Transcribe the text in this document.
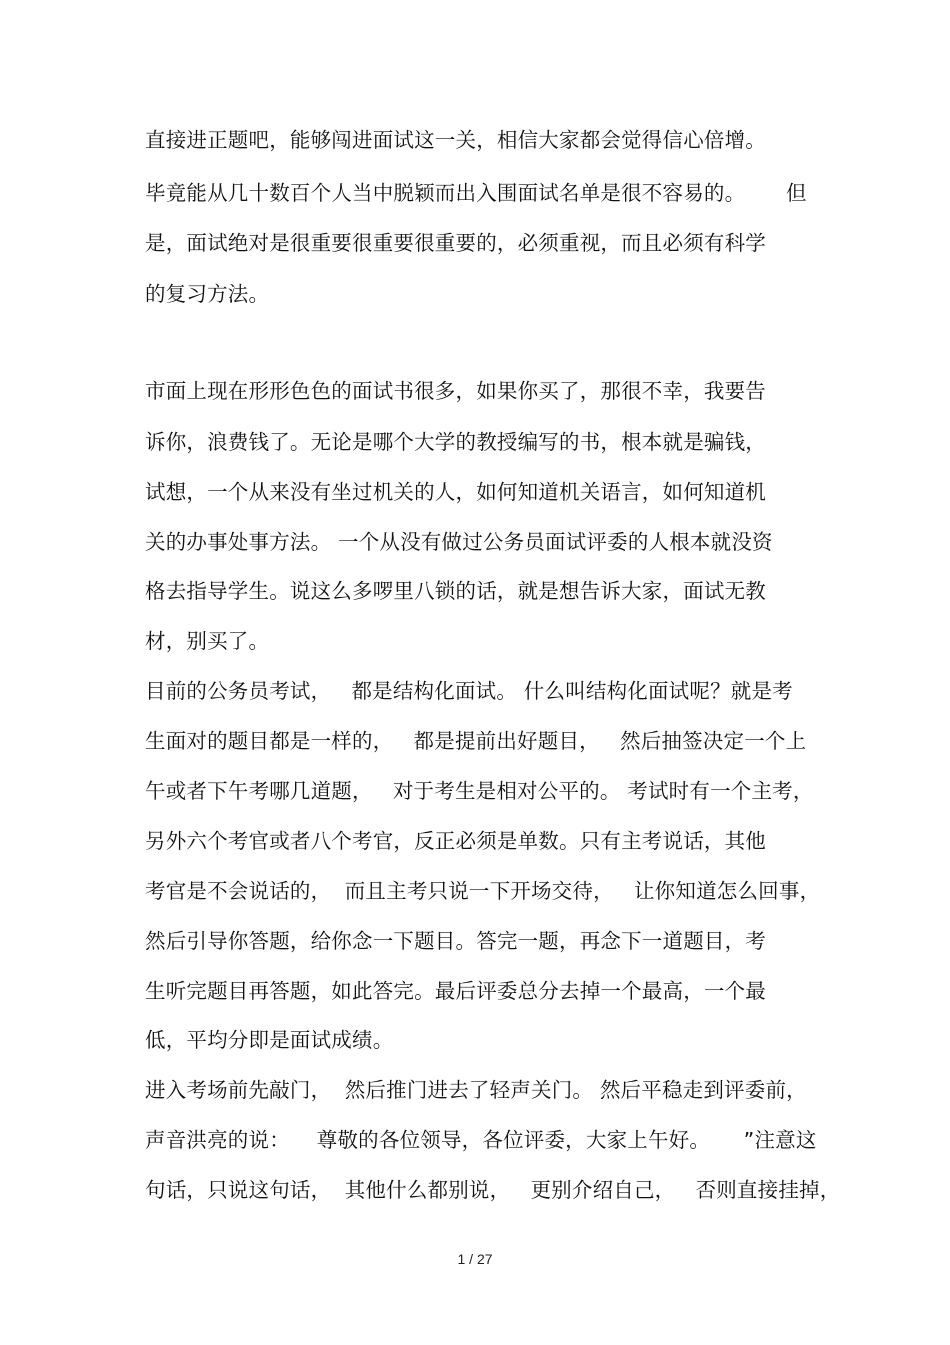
直接进正题吧，能够闯进面试这一关，相信大家都会觉得信心倍增。
毕竟能从几十数百个人当中脱颖而出入围面试名单是很不容易的。 但
是，面试绝对是很重要很重要很重要的，必须重视，而且必须有科学
的复习方法。
市面上现在形形色色的面试书很多，如果你买了，那很不幸，我要告
诉你，浪费钱了。无论是哪个大学的教授编写的书，根本就是骗钱，
试想，一个从来没有坐过机关的人，如何知道机关语言，如何知道机
关的办事处事方法。 一个从没有做过公务员面试评委的人根本就没资
格去指导学生。说这么多啰里八锁的话，就是想告诉大家，面试无教
材，别买了。
目前的公务员考试，   都是结构化面试。 什么叫结构化面试呢？就是考
生面对的题目都是一样的，   都是提前出好题目，   然后抽签决定一个上
午或者下午考哪几道题，   对于考生是相对公平的。 考试时有一个主考，
另外六个考官或者八个考官，反正必须是单数。只有主考说话，其他
考官是不会说话的，  而且主考只说一下开场交待，   让你知道怎么回事，
然后引导你答题，给你念一下题目。答完一题，再念下一道题目，考
生听完题目再答题，如此答完。最后评委总分去掉一个最高，一个最
低，平均分即是面试成绩。
进入考场前先敲门，  然后推门进去了轻声关门。 然后平稳走到评委前，
声音洪亮的说：    尊敬的各位领导，各位评委，大家上午好。     ”注意这
句话，只说这句话，  其他什么都别说，   更别介绍自己，   否则直接挂掉，
1 / 27
